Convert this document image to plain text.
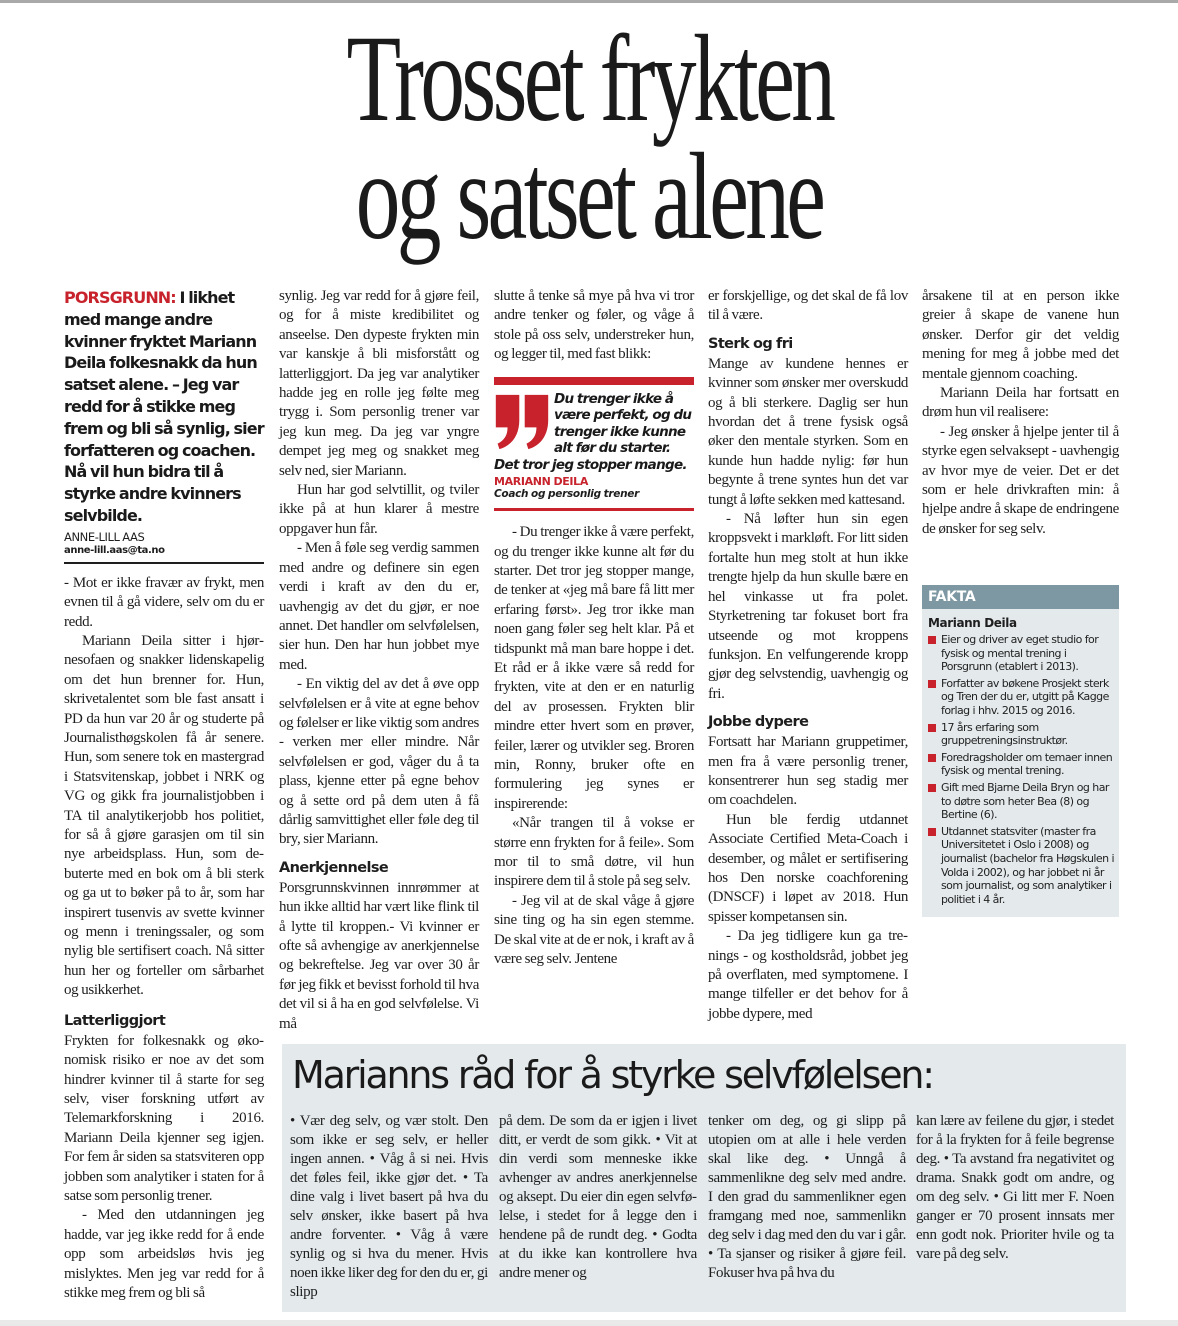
Trosset frykten
og satset alene
PORSGRUNN: I likhet med mange andre kvinner fryktet Mariann Deila folkesnakk da hun satset alene. – Jeg var redd for å stikke meg frem og bli så synlig, sier forfatteren og coachen. Nå vil hun bidra til å styrke andre kvinners selvbilde.
ANNE-LILL AAS
anne-lill.aas@ta.no

- Mot er ikke fravær av frykt, men evnen til å gå videre, selv om du er redd.

Mariann Deila sitter i hjørnesofaen og snakker lidenskapelig om det hun brenner for. Hun, skrivetalentet som ble fast ansatt i PD da hun var 20 år og studerte på Journalisthøgskolen få år senere. Hun, som senere tok en mastergrad i Statsvitenskap, jobbet i NRK og VG og gikk fra journalistjobben i TA til analytikerjobb hos politiet, for så å gjøre garasjen om til sin nye arbeidsplass. Hun, som debuterte med en bok om å bli sterk og ga ut to bøker på to år, som har inspirert tusenvis av svette kvinner og menn i treningssaler, og som nylig ble sertifisert coach. Nå sitter hun her og forteller om sårbarhet og usikkerhet.

Latterliggjort

Frykten for folkesnakk og økonomisk risiko er noe av det som hindrer kvinner til å starte for seg selv, viser forskning utført av Telemarkforskning i 2016. Mariann Deila kjenner seg igjen. For fem år siden sa statsviteren opp jobben som analytiker i staten for å satse som personlig trener.

- Med den utdanningen jeg hadde, var jeg ikke redd for å ende opp som arbeidsløs hvis jeg mislyktes. Men jeg var redd for å stikke meg frem og bli så

synlig. Jeg var redd for å gjøre feil, og for å miste kredibilitet og anseelse. Den dypeste frykten min var kanskje å bli misforstått og latterliggjort. Da jeg var analytiker hadde jeg en rolle jeg følte meg trygg i. Som personlig trener var jeg kun meg. Da jeg var yngre dempet jeg meg og snakket meg selv ned, sier Mariann.

Hun har god selvtillit, og tviler ikke på at hun klarer å mestre oppgaver hun får.

- Men å føle seg verdig sammen med andre og definere sin egen verdi i kraft av den du er, uavhengig av det du gjør, er noe annet. Det handler om selvfølelsen, sier hun. Den har hun jobbet mye med.

- En viktig del av det å øve opp selvfølelsen er å vite at egne behov og følelser er like viktig som andres - verken mer eller mindre. Når selvfølelsen er god, våger du å ta plass, kjenne etter på egne behov og å sette ord på dem uten å få dårlig samvittighet eller føle deg til bry, sier Mariann.

Anerkjennelse

Porsgrunnskvinnen innrømmer at hun ikke alltid har vært like flink til å lytte til kroppen.- Vi kvinner er ofte så avhengige av anerkjennelse og bekreftelse. Jeg var over 30 år før jeg fikk et bevisst forhold til hva det vil si å ha en god selvfølelse. Vi må

slutte å tenke så mye på hva vi tror andre tenker og føler, og våge å stole på oss selv, understreker hun, og legger til, med fast blikk:

Du trenger ikke å være perfekt, og du trenger ikke kunne alt før du starter. Det tror jeg stopper mange.
MARIANN DEILA
Coach og personlig trener

- Du trenger ikke å være perfekt, og du trenger ikke kunne alt før du starter. Det tror jeg stopper mange, de tenker at «jeg må bare få litt mer erfaring først». Jeg tror ikke man noen gang føler seg helt klar. På et tidspunkt må man bare hoppe i det. Et råd er å ikke være så redd for frykten, vite at den er en naturlig del av prosessen. Frykten blir mindre etter hvert som en prøver, feiler, lærer og utvikler seg. Broren min, Ronny, bruker ofte en formulering jeg synes er inspirerende:

«Når trangen til å vokse er større enn frykten for å feile». Som mor til to små døtre, vil hun inspirere dem til å stole på seg selv.

- Jeg vil at de skal våge å gjøre sine ting og ha sin egen stemme. De skal vite at de er nok, i kraft av å være seg selv. Jentene

er forskjellige, og det skal de få lov til å være.

Sterk og fri

Mange av kundene hennes er kvinner som ønsker mer overskudd og å bli sterkere. Daglig ser hun hvordan det å trene fysisk også øker den mentale styrken. Som en kunde hun hadde nylig: før hun begynte å trene syntes hun det var tungt å løfte sekken med kattesand.

- Nå løfter hun sin egen kroppsvekt i markløft. For litt siden fortalte hun meg stolt at hun ikke trengte hjelp da hun skulle bære en hel vinkasse ut fra polet. Styrketrening tar fokuset bort fra utseende og mot kroppens funksjon. En velfungerende kropp gjør deg selvstendig, uavhengig og fri.

Jobbe dypere

Fortsatt har Mariann gruppetimer, men fra å være personlig trener, konsentrerer hun seg stadig mer om coachdelen.

Hun ble ferdig utdannet Associate Certified Meta-Coach i desember, og målet er sertifisering hos Den norske coachforening (DNSCF) i løpet av 2018. Hun spisser kompetansen sin.

- Da jeg tidligere kun ga trenings - og kostholdsråd, jobbet jeg på overflaten, med symptomene. I mange tilfeller er det behov for å jobbe dypere, med

årsakene til at en person ikke greier å skape de vanene hun ønsker. Derfor gir det veldig mening for meg å jobbe med det mentale gjennom coaching.

Mariann Deila har fortsatt en drøm hun vil realisere:

- Jeg ønsker å hjelpe jenter til å styrke egen selvaksept - uavhengig av hvor mye de veier. Det er det som er hele drivkraften min: å hjelpe andre å skape de endringene de ønsker for seg selv.

FAKTA
Mariann Deila
Eier og driver av eget studio for fysisk og mental trening i Porsgrunn (etablert i 2013).
Forfatter av bøkene Prosjekt sterk og Tren der du er, utgitt på Kagge forlag i hhv. 2015 og 2016.
17 års erfaring som gruppetreningsinstruktør.
Foredragsholder om temaer innen fysisk og mental trening.
Gift med Bjarne Deila Bryn og har to døtre som heter Bea (8) og Bertine (6).
Utdannet statsviter (master fra Universitetet i Oslo i 2008) og journalist (bachelor fra Høgskulen i Volda i 2002), og har jobbet ni år som journalist, og som analytiker i politiet i 4 år.
Marianns råd for å styrke selvfølelsen:
• Vær deg selv, og vær stolt. Den som ikke er seg selv, er heller ingen annen. • Våg å si nei. Hvis det føles feil, ikke gjør det. • Ta dine valg i livet basert på hva du selv ønsker, ikke basert på hva andre forventer. • Våg å være synlig og si hva du mener. Hvis noen ikke liker deg for den du er, gi slipp
på dem. De som da er igjen i livet ditt, er verdt de som gikk. • Vit at din verdi som menneske ikke avhenger av andres anerkjennelse og aksept. Du eier din egen selvfølelse, i stedet for å legge den i hendene på de rundt deg. • Godta at du ikke kan kontrollere hva andre mener og
tenker om deg, og gi slipp på utopien om at alle i hele verden skal like deg. • Unngå å sammenlikne deg selv med andre. I den grad du sammenlikner egen framgang med noe, sammenlikn deg selv i dag med den du var i går. • Ta sjanser og risiker å gjøre feil. Fokuser hva på hva du
kan lære av feilene du gjør, i stedet for å la frykten for å feile begrense deg. • Ta avstand fra negativitet og drama. Snakk godt om andre, og om deg selv. • Gi litt mer F. Noen ganger er 70 prosent innsats mer enn godt nok. Prioriter hvile og ta vare på deg selv.
